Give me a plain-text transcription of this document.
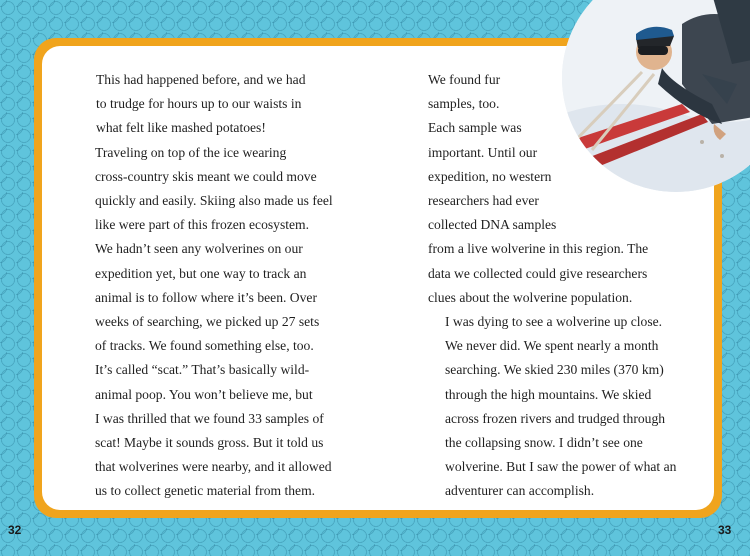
This had happened before, and we had
to trudge for hours up to our waists in
what felt like mashed potatoes!

Traveling on top of the ice wearing
cross-country skis meant we could move
quickly and easily. Skiing also made us feel
like were part of this frozen ecosystem.

We hadn’t seen any wolverines on our
expedition yet, but one way to track an
animal is to follow where it’s been. Over
weeks of searching, we picked up 27 sets
of tracks. We found something else, too.
It’s called “scat.” That’s basically wild-
animal poop. You won’t believe me, but
I was thrilled that we found 33 samples of
scat! Maybe it sounds gross. But it told us
that wolverines were nearby, and it allowed
us to collect genetic material from them.

We found fur
samples, too.
Each sample was
important. Until our
expedition, no western
researchers had ever
collected DNA samples
from a live wolverine in this region. The
data we collected could give researchers
clues about the wolverine population.

I was dying to see a wolverine up close.
We never did. We spent nearly a month
searching. We skied 230 miles (370 km)
through the high mountains. We skied
across frozen rivers and trudged through
the collapsing snow. I didn’t see one
wolverine. But I saw the power of what an
adventurer can accomplish.

32	33
